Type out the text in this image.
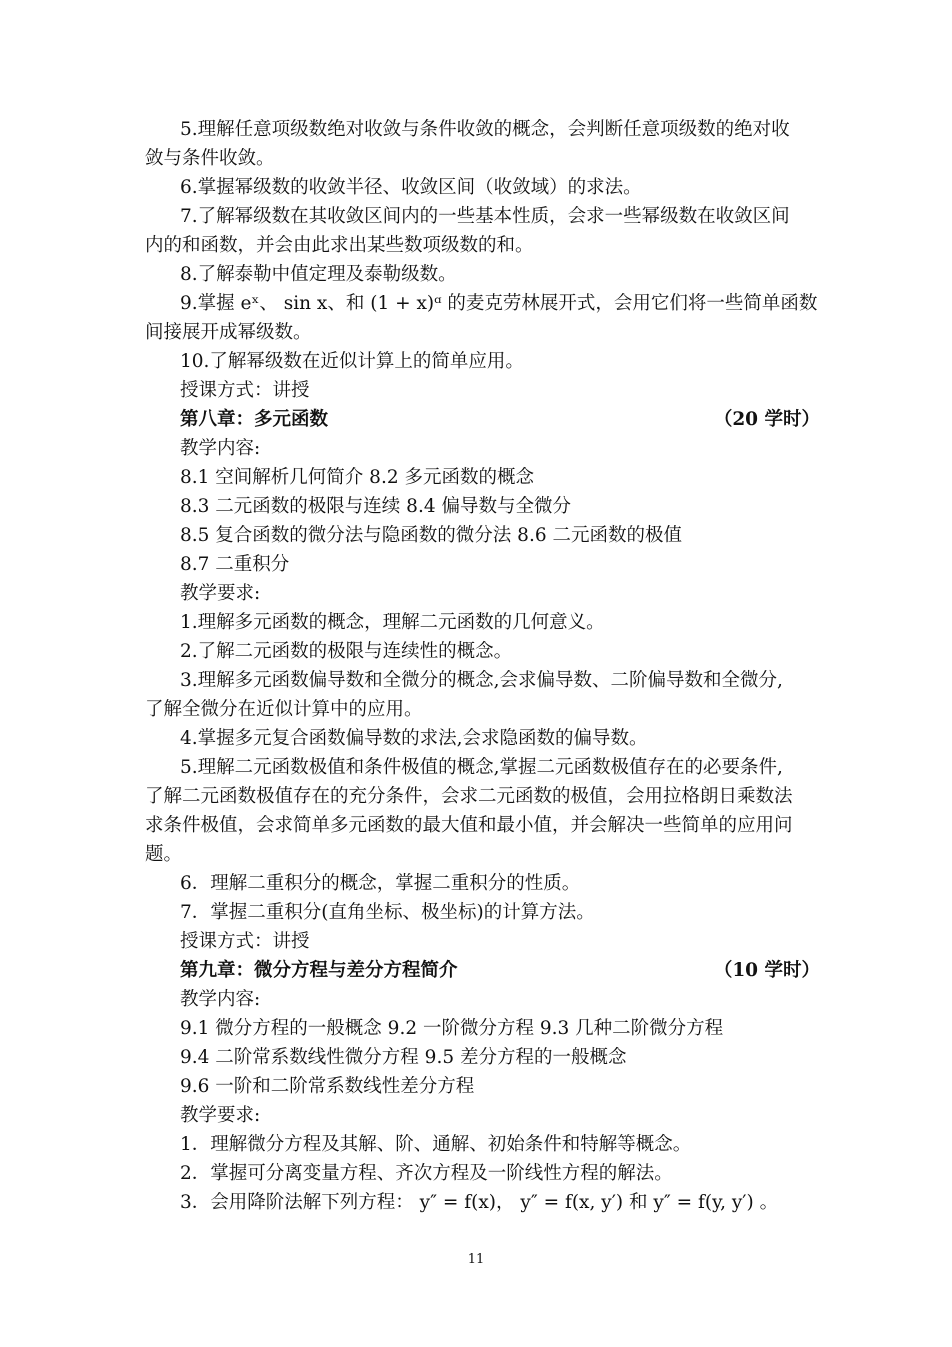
5.理解任意项级数绝对收敛与条件收敛的概念，会判断任意项级数的绝对收
敛与条件收敛。
6.掌握幂级数的收敛半径、收敛区间（收敛域）的求法。
7.了解幂级数在其收敛区间内的一些基本性质，会求一些幂级数在收敛区间
内的和函数，并会由此求出某些数项级数的和。
8.了解泰勒中值定理及泰勒级数。
9.掌握 eˣ、 sin x、和 (1 + x)ᵅ 的麦克劳林展开式，会用它们将一些简单函数
间接展开成幂级数。
10.了解幂级数在近似计算上的简单应用。
授课方式：讲授
第八章：多元函数	（20 学时）
教学内容:
8.1 空间解析几何简介 8.2 多元函数的概念
8.3 二元函数的极限与连续 8.4 偏导数与全微分
8.5 复合函数的微分法与隐函数的微分法 8.6 二元函数的极值
8.7 二重积分
教学要求:
1.理解多元函数的概念，理解二元函数的几何意义。
2.了解二元函数的极限与连续性的概念。
3.理解多元函数偏导数和全微分的概念,会求偏导数、二阶偏导数和全微分,
了解全微分在近似计算中的应用。
4.掌握多元复合函数偏导数的求法,会求隐函数的偏导数。
5.理解二元函数极值和条件极值的概念,掌握二元函数极值存在的必要条件,
了解二元函数极值存在的充分条件，会求二元函数的极值，会用拉格朗日乘数法
求条件极值，会求简单多元函数的最大值和最小值，并会解决一些简单的应用问
题。
6．理解二重积分的概念，掌握二重积分的性质。
7．掌握二重积分(直角坐标、极坐标)的计算方法。
授课方式：讲授
第九章：微分方程与差分方程简介	（10 学时）
教学内容:
9.1 微分方程的一般概念 9.2 一阶微分方程 9.3 几种二阶微分方程
9.4 二阶常系数线性微分方程 9.5 差分方程的一般概念
9.6 一阶和二阶常系数线性差分方程
教学要求:
1．理解微分方程及其解、阶、通解、初始条件和特解等概念。
2．掌握可分离变量方程、齐次方程及一阶线性方程的解法。
3．会用降阶法解下列方程： y″ = f(x)， y″ = f(x, y′) 和 y″ = f(y, y′) 。
11
